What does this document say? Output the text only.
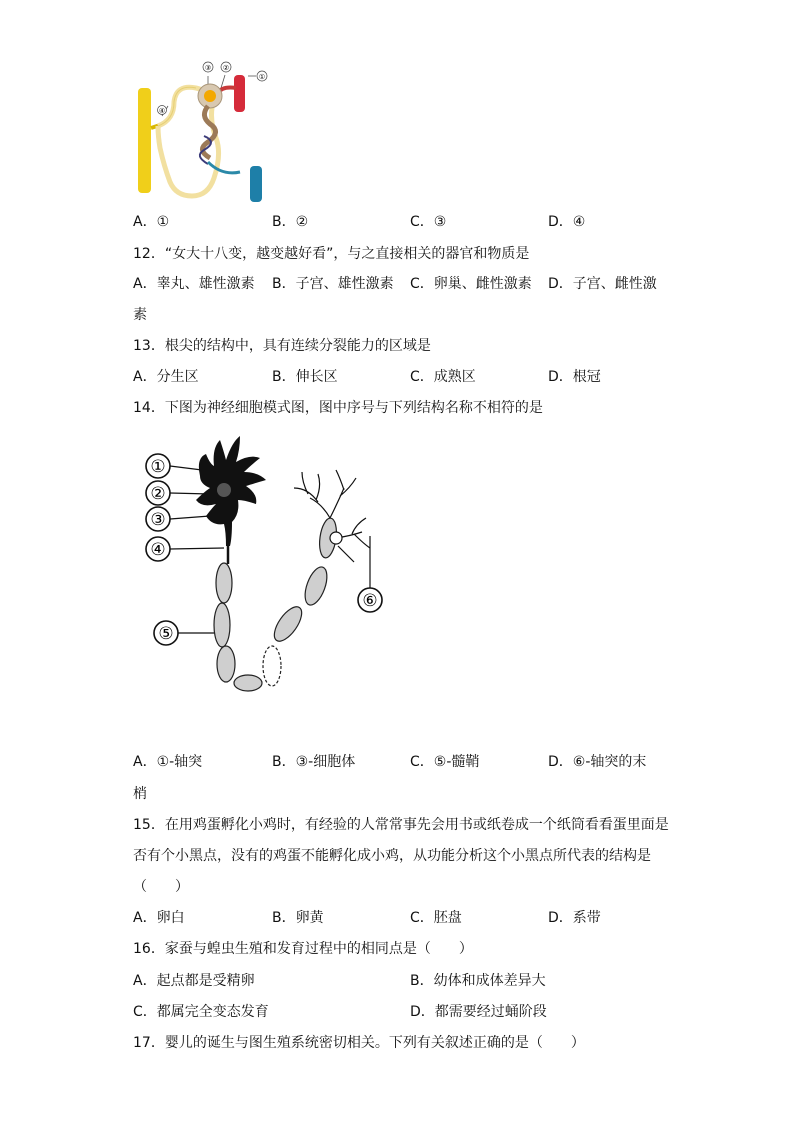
③ ②
①
④
A．①	B．②	C．③	D．④
12．“女大十八变，越变越好看”，与之直接相关的器官和物质是
A．睾丸、雄性激素 B．子宫、雄性激素 C．卵巢、雌性激素 D．子宫、雌性激
素
13．根尖的结构中，具有连续分裂能力的区域是
A．分生区	B．伸长区	C．成熟区	D．根冠
14．下图为神经细胞模式图，图中序号与下列结构名称不相符的是
①
②
③
④
⑤
⑥
A．①-轴突	B．③-细胞体	C．⑤-髓鞘	D．⑥-轴突的末
梢
15．在用鸡蛋孵化小鸡时，有经验的人常常事先会用书或纸卷成一个纸筒看看蛋里面是
否有个小黑点，没有的鸡蛋不能孵化成小鸡，从功能分析这个小黑点所代表的结构是
（　　）
A．卵白	B．卵黄	C．胚盘	D．系带
16．家蚕与蝗虫生殖和发育过程中的相同点是（　　）
A．起点都是受精卵	B．幼体和成体差异大
C．都属完全变态发育	D．都需要经过蛹阶段
17．婴儿的诞生与图生殖系统密切相关。下列有关叙述正确的是（　　）
